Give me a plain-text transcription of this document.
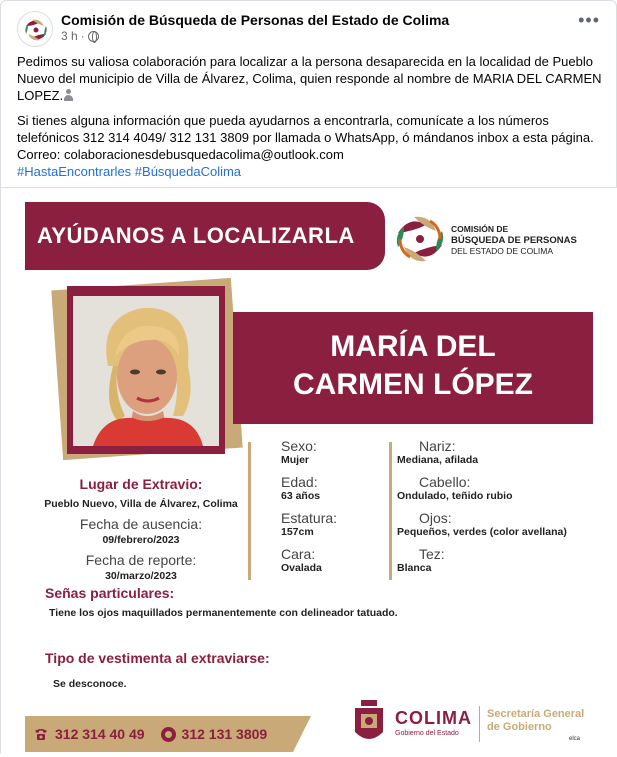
Comisión de Búsqueda de Personas del Estado de Colima
3 h ·
•••

Pedimos su valiosa colaboración para localizar a la persona desaparecida en la localidad de Pueblo Nuevo del municipio de Villa de Álvarez, Colima, quien responde al nombre de MARIA DEL CARMEN LOPEZ.

Si tienes alguna información que pueda ayudarnos a encontrarla, comunícate a los números telefónicos 312 314 4049/ 312 131 3809 por llamada o WhatsApp, ó mándanos inbox a esta página.
Correo: colaboracionesdebusquedacolima@outlook.com
#HastaEncontrarles #BúsquedaColima

AYÚDANOS A LOCALIZARLA	COMISIÓN DE
BÚSQUEDA DE PERSONAS
DEL ESTADO DE COLIMA
MARÍA DEL
CARMEN LÓPEZ
Lugar de Extravio:
Pueblo Nuevo, Villa de Álvarez, Colima
Fecha de ausencia:
09/febrero/2023
Fecha de reporte:
30/marzo/2023
Sexo:
Mujer
Edad:
63 años
Estatura:
157cm
Cara:
Ovalada
Nariz:
Mediana, afilada
Cabello:
Ondulado, teñido rubio
Ojos:
Pequeños, verdes (color avellana)
Tez:
Blanca
Señas particulares:
Tiene los ojos maquillados permanentemente con delineador tatuado.
Tipo de vestimenta al extraviarse:
Se desconoce.
312 314 40 49	312 131 3809
COLIMA
Gobierno del Estado
Secretaría General
de Gobierno
elca
